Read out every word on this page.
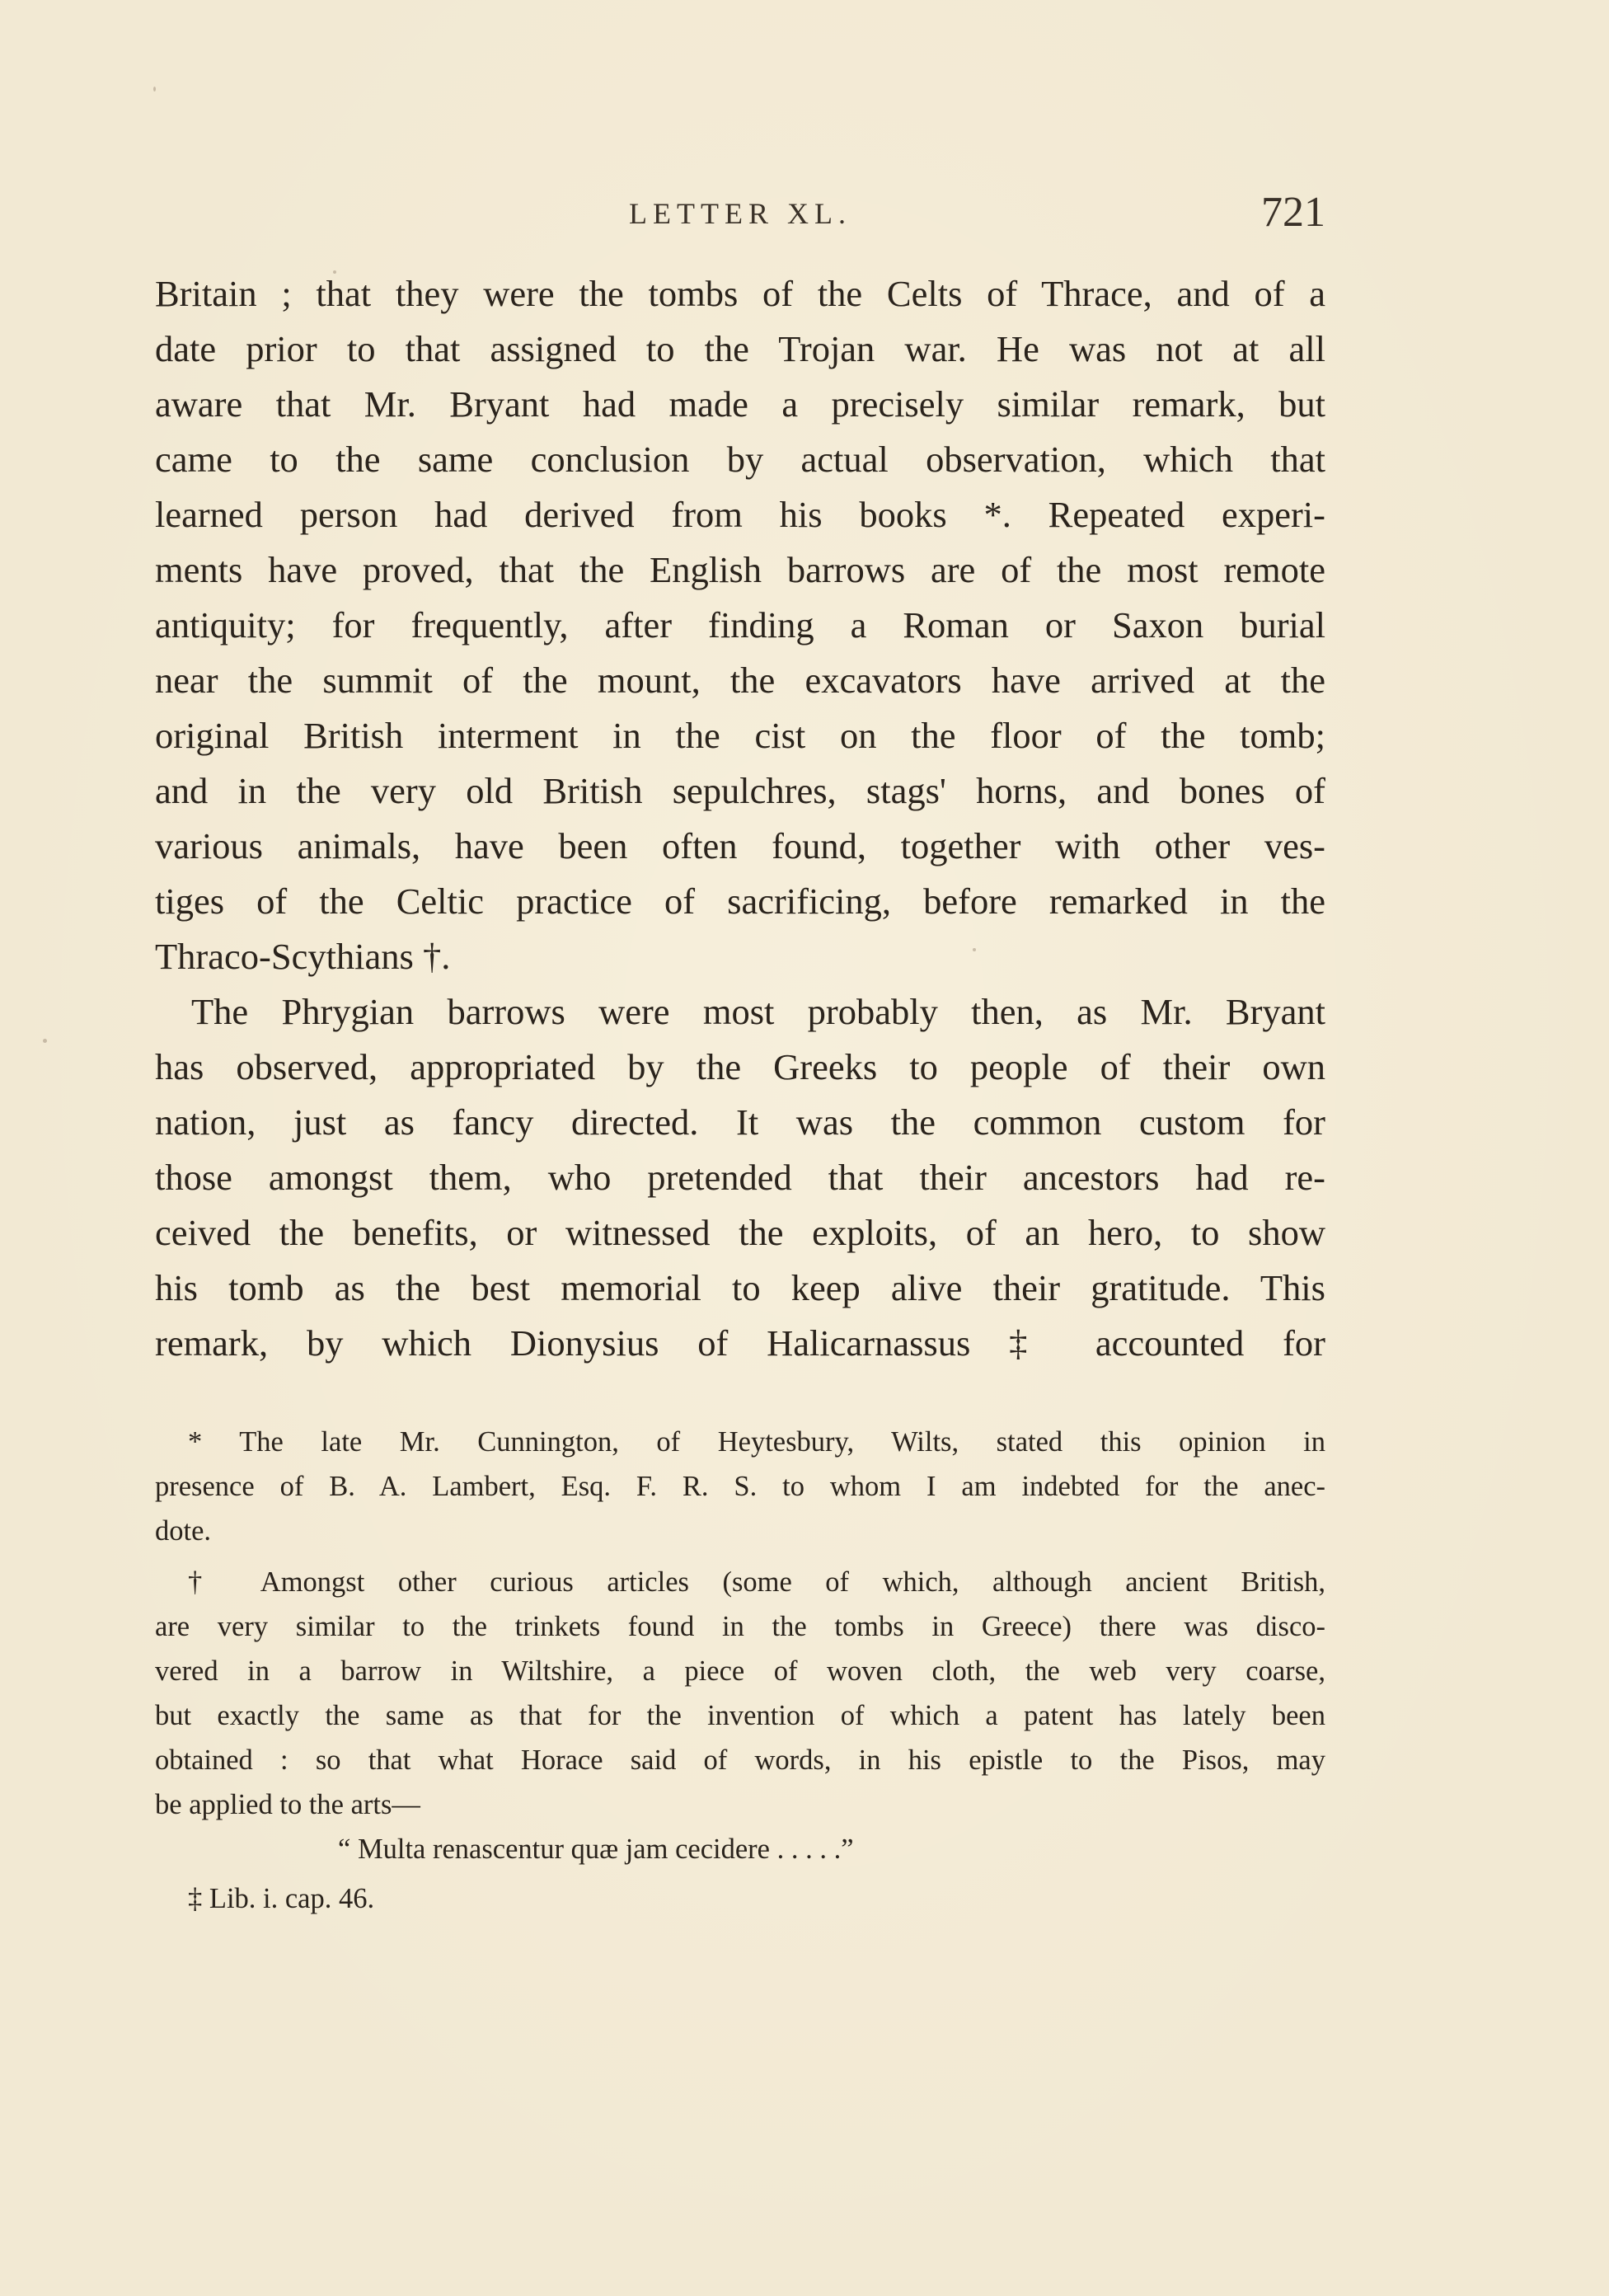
LETTER XL.	721
Britain ; that they were the tombs of the Celts of Thrace, and of a
date prior to that assigned to the Trojan war. He was not at all
aware that Mr. Bryant had made a precisely similar remark, but
came to the same conclusion by actual observation, which that
learned person had derived from his books *. Repeated experi-
ments have proved, that the English barrows are of the most remote
antiquity; for frequently, after finding a Roman or Saxon burial
near the summit of the mount, the excavators have arrived at the
original British interment in the cist on the floor of the tomb;
and in the very old British sepulchres, stags' horns, and bones of
various animals, have been often found, together with other ves-
tiges of the Celtic practice of sacrificing, before remarked in the
Thraco-Scythians †.
The Phrygian barrows were most probably then, as Mr. Bryant
has observed, appropriated by the Greeks to people of their own
nation, just as fancy directed. It was the common custom for
those amongst them, who pretended that their ancestors had re-
ceived the benefits, or witnessed the exploits, of an hero, to show
his tomb as the best memorial to keep alive their gratitude. This
remark, by which Dionysius of Halicarnassus ‡ accounted for
* The late Mr. Cunnington, of Heytesbury, Wilts, stated this opinion in
presence of B. A. Lambert, Esq. F. R. S. to whom I am indebted for the anec-
dote.
† Amongst other curious articles (some of which, although ancient British,
are very similar to the trinkets found in the tombs in Greece) there was disco-
vered in a barrow in Wiltshire, a piece of woven cloth, the web very coarse,
but exactly the same as that for the invention of which a patent has lately been
obtained : so that what Horace said of words, in his epistle to the Pisos, may
be applied to the arts—
“ Multa renascentur quæ jam cecidere . . . . .”
‡ Lib. i. cap. 46.
